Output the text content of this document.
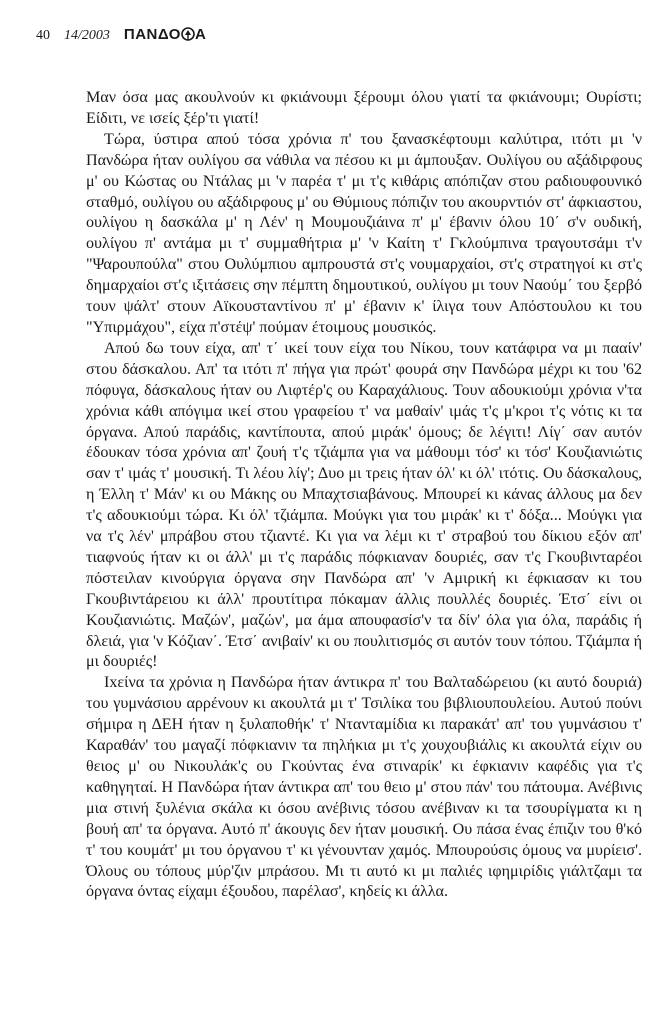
40 14/2003 ΠΑΝΔΟ Α

Μαν όσα μας ακουλνούν κι φκιάνουμι ξέρουμι όλου γιατί τα φκιάνουμι; Ουρίστι; Είδιτι, νε ισείς ξέρ'τι γιατί!

Τώρα, ύστιρα απού τόσα χρόνια π' του ξανασκέφτουμι καλύτιρα, ιτότι μι 'ν Πανδώρα ήταν ουλίγου σα νάθιλα να πέσου κι μι άμπουξαν. Ουλίγου ου αξάδιρφους μ' ου Κώστας ου Ντάλας μι 'ν παρέα τ' μι τ'ς κιθάρις απόπιζαν στου ραδιουφουνικό σταθμό, ουλίγου ου αξάδιρφους μ' ου Θύμιους πόπιζιν του ακουρντιόν στ' άφκιαστου, ουλίγου η δασκάλα μ' η Λέν' η Μουμουζιάινα π' μ' έβανιν όλου 10΄ σ'ν ουδική, ουλίγου π' αντάμα μι τ' συμμαθήτρια μ' 'ν Καίτη τ' Γκλούμπινα τραγουτσάμι τ'ν "Ψαρουπούλα" στου Ουλύμπιου αμπρουστά στ'ς νουμαρχαίοι, στ'ς στρατηγοί κι στ'ς δημαρχαίοι στ'ς ιξιτάσεις σην πέμπτη δημουτικού, ουλίγου μι τουν Ναούμ΄ του ξερβό τουν ψάλτ' στουν Αϊκουσταντίνου π' μ' έβανιν κ' ίλιγα τουν Απόστουλου κι του "Υπιρμάχου", είχα π'στέψ' πούμαν έτοιμους μουσικός.

Απού δω τουν είχα, απ' τ΄ ικεί τουν είχα του Νίκου, τουν κατάφιρα να μι πααίν' στου δάσκαλου. Απ' τα ιτότι π' πήγα για πρώτ' φουρά σην Πανδώρα μέχρι κι του '62 πόφυγα, δάσκαλους ήταν ου Λιφτέρ'ς ου Καραχάλιους. Τουν αδουκιούμι χρόνια ν'τα χρόνια κάθι απόγιμα ικεί στου γραφείου τ' να μαθαίν' ιμάς τ'ς μ'κροι τ'ς νότις κι τα όργανα. Απού παράδις, καντίπουτα, απού μιράκ' όμους; δε λέγιτι! Λίγ΄ σαν αυτόν έδουκαν τόσα χρόνια απ' ζουή τ'ς τζιάμπα για να μάθουμι τόσ' κι τόσ' Κουζιανιώτις σαν τ' ιμάς τ' μουσική. Τι λέου λίγ'; Δυο μι τρεις ήταν όλ' κι όλ' ιτότις. Ου δάσκαλους, η Έλλη τ' Μάν' κι ου Μάκης ου Μπαχτσιαβάνους. Μπουρεί κι κάνας άλλους μα δεν τ'ς αδουκιούμι τώρα. Κι όλ' τζιάμπα. Μούγκι για του μιράκ' κι τ' δόξα... Μούγκι για να τ'ς λέν' μπράβου στου τζιαντέ. Κι για να λέμι κι τ' στραβού του δίκιου εξόν απ' τιαφνούς ήταν κι οι άλλ' μι τ'ς παράδις πόφκιαναν δουριές, σαν τ'ς Γκουβινταρέοι πόστειλαν κινούργια όργανα σην Πανδώρα απ' 'ν Αμιρική κι έφκιασαν κι του Γκουβιντάρειου κι άλλ' πρoυτίτιρα πόκαμαν άλλις πουλλές δουριές. Έτσ΄ είνι οι Κουζιανιώτις. Μαζών', μαζών', μα άμα απουφασίσ'ν τα δίν' όλα για όλα, παράδις ή δλειά, για 'ν Κόζιαν΄. Έτσ΄ ανιβαίν' κι ου πουλιτισμός σι αυτόν τουν τόπου. Τζιάμπα ή μι δουριές!

Ιxείνα τα χρόνια η Πανδώρα ήταν άντικρα π' του Βαλταδώρειου (κι αυτό δουριά) του γυμνάσιου αρρένουν κι ακουλτά μι τ' Τσιλίκα του βιβλιουπουλείου. Αυτού πούνι σήμιρα η ΔΕΗ ήταν η ξυλαποθήκ' τ' Ντανταμίδια κι παρακάτ' απ' του γυμνάσιου τ' Καραθάν' του μαγαζί πόφκιανιν τα πηλήκια μι τ'ς χουχουβιάλις κι ακουλτά είχιν ου θειος μ' ου Νικουλάκ'ς ου Γκούντας ένα στιναρίκ' κι έφκιανιν καφέδις για τ'ς καθηγηταί. Η Πανδώρα ήταν άντικρα απ' του θειο μ' στου πάν' του πάτουμα. Ανέβινις μια στινή ξυλένια σκάλα κι όσου ανέβινις τόσου ανέβιναν κι τα τσουρίγματα κι η βουή απ' τα όργανα. Αυτό π' άκουγις δεν ήταν μουσική. Ου πάσα ένας έπιζιν του θ'κό τ' του κουμάτ' μι του όργανου τ' κι γένουνταν χαμός. Μπουρούσις όμους να μυρίεισ'. Όλους ου τόπους μύρ'ζιν μπράσου. Μι τι αυτό κι μι παλιές ιφημιρίδις γιάλτζαμι τα όργανα όντας είχαμι έξουδου, παρέλασ', κηδείς κι άλλα.
